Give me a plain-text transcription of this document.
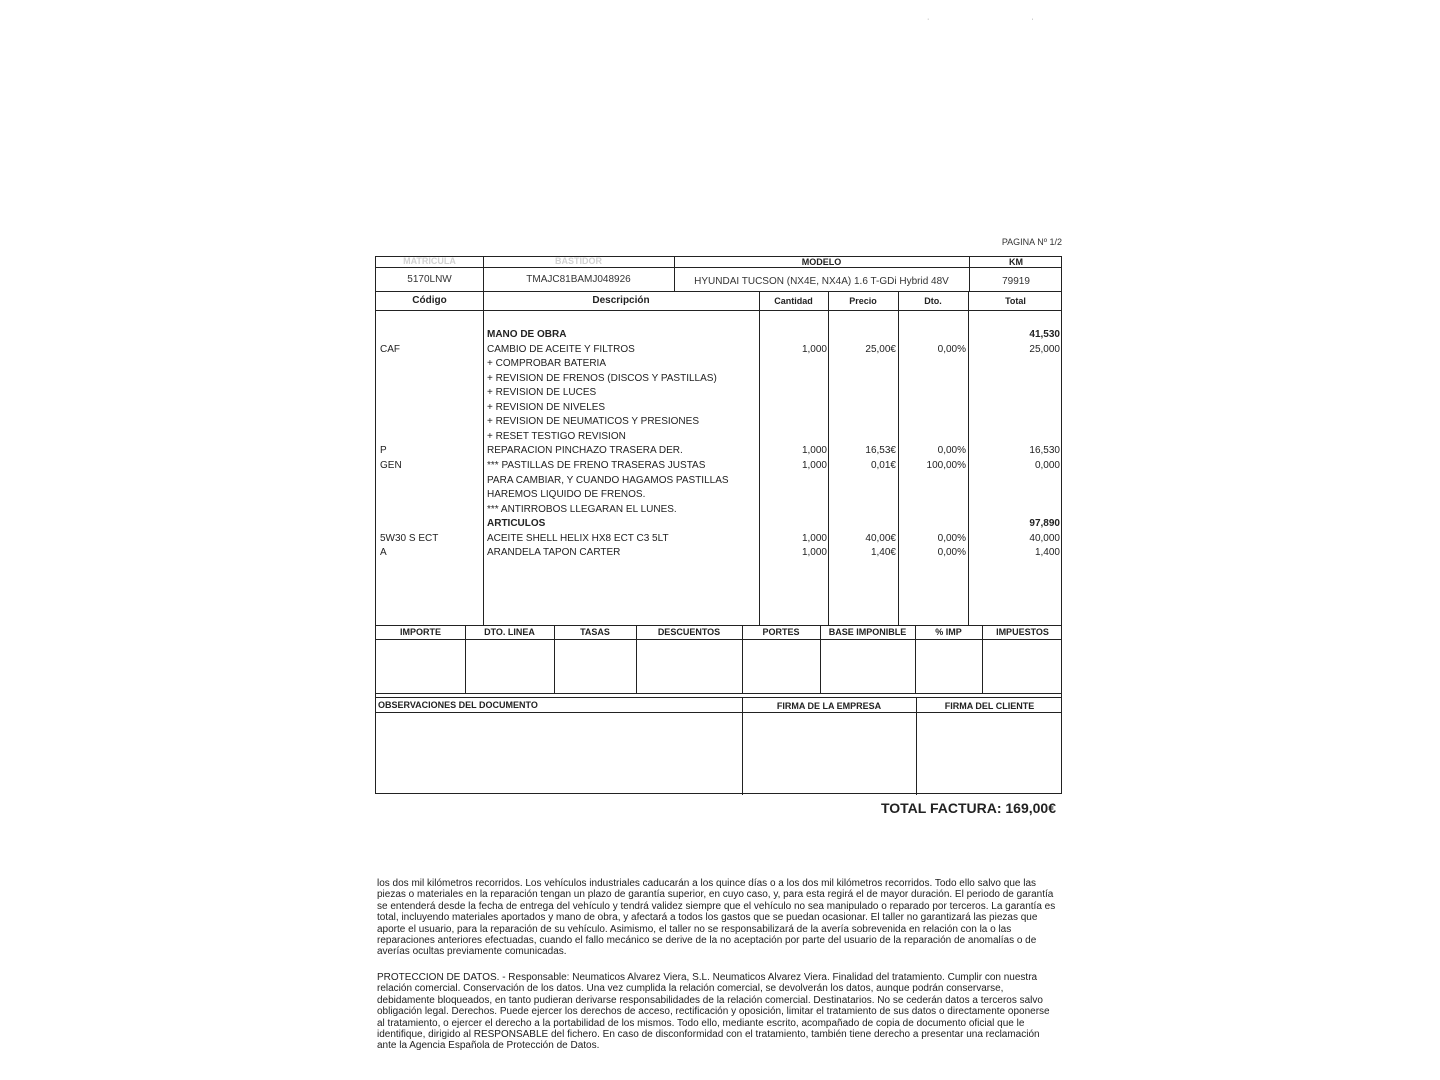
· ·
PAGINA Nº 1/2
MATRICULA	BASTIDOR	MODELO	KM
5170LNW	TMAJC81BAMJ048926	HYUNDAI TUCSON (NX4E, NX4A) 1.6 T-GDi Hybrid 48V	79919
Código	Descripción	Cantidad	Precio	Dto.	Total
MANO DE OBRA	41,530
CAF	CAMBIO DE ACEITE Y FILTROS	1,000	25,00€	0,00%	25,000
+ COMPROBAR BATERIA
+ REVISION DE FRENOS (DISCOS Y PASTILLAS)
+ REVISION DE LUCES
+ REVISION DE NIVELES
+ REVISION DE NEUMATICOS Y PRESIONES
+ RESET TESTIGO REVISION
P	REPARACION PINCHAZO TRASERA DER.	1,000	16,53€	0,00%	16,530
GEN	*** PASTILLAS DE FRENO TRASERAS JUSTAS	1,000	0,01€	100,00%	0,000
PARA CAMBIAR, Y CUANDO HAGAMOS PASTILLAS
HAREMOS LIQUIDO DE FRENOS.
*** ANTIRROBOS LLEGARAN EL LUNES.
ARTICULOS	97,890
5W30 S ECT	ACEITE SHELL HELIX HX8 ECT C3 5LT	1,000	40,00€	0,00%	40,000
A	ARANDELA TAPON CARTER	1,000	1,40€	0,00%	1,400
IMPORTE	DTO. LINEA	TASAS	DESCUENTOS	PORTES	BASE IMPONIBLE	% IMP	IMPUESTOS
OBSERVACIONES DEL DOCUMENTO	FIRMA DE LA EMPRESA	FIRMA DEL CLIENTE
TOTAL FACTURA: 169,00€

los dos mil kilómetros recorridos. Los vehículos industriales caducarán a los quince días o a los dos mil kilómetros recorridos. Todo ello salvo que las

piezas o materiales en la reparación tengan un plazo de garantía superior, en cuyo caso, y, para esta regirá el de mayor duración. El periodo de garantía

se entenderá desde la fecha de entrega del vehículo y tendrá validez siempre que el vehículo no sea manipulado o reparado por terceros. La garantía es

total, incluyendo materiales aportados y mano de obra, y afectará a todos los gastos que se puedan ocasionar. El taller no garantizará las piezas que

aporte el usuario, para la reparación de su vehículo. Asimismo, el taller no se responsabilizará de la avería sobrevenida en relación con la o las

reparaciones anteriores efectuadas, cuando el fallo mecánico se derive de la no aceptación por parte del usuario de la reparación de anomalías o de

averías ocultas previamente comunicadas.

PROTECCION DE DATOS. - Responsable: Neumaticos Alvarez Viera, S.L. Neumaticos Alvarez Viera. Finalidad del tratamiento. Cumplir con nuestra

relación comercial. Conservación de los datos. Una vez cumplida la relación comercial, se devolverán los datos, aunque podrán conservarse,

debidamente bloqueados, en tanto pudieran derivarse responsabilidades de la relación comercial. Destinatarios. No se cederán datos a terceros salvo

obligación legal. Derechos. Puede ejercer los derechos de acceso, rectificación y oposición, limitar el tratamiento de sus datos o directamente oponerse

al tratamiento, o ejercer el derecho a la portabilidad de los mismos. Todo ello, mediante escrito, acompañado de copia de documento oficial que le

identifique, dirigido al RESPONSABLE del fichero. En caso de disconformidad con el tratamiento, también tiene derecho a presentar una reclamación

ante la Agencia Española de Protección de Datos.
